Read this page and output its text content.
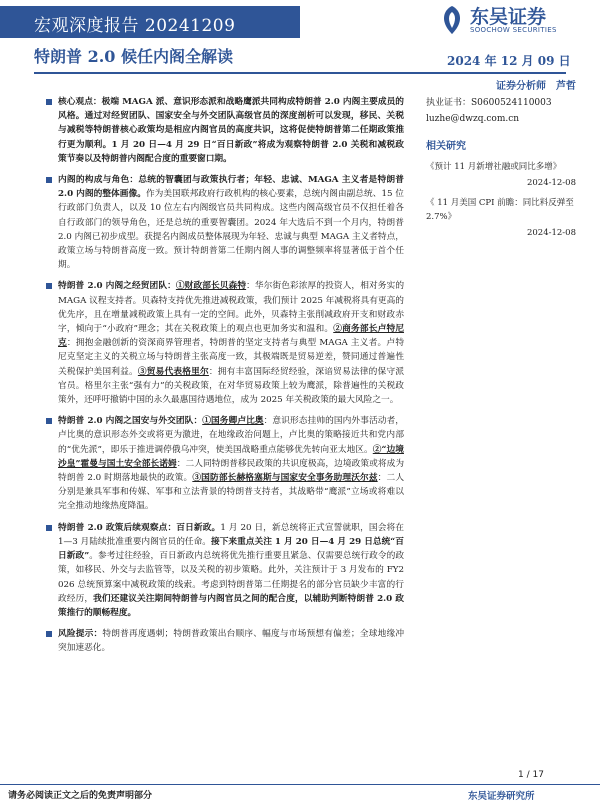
宏观深度报告 20241209	东吴证券
SOOCHOW SECURITIES
特朗普 2.0 候任内阁全解读	2024 年 12 月 09 日
核心观点：极端 MAGA 派、意识形态派和战略鹰派共同构成特朗普 2.0 内阁主要成员的风格。通过对经贸团队、国家安全与外交团队高级官员的深度剖析可以发现，移民、关税与减税等特朗普核心政策均是相应内阁官员的高度共识，这将促使特朗普第二任期政策推行更为顺利。1 月 20 日—4 月 29 日“百日新政”将成为观察特朗普 2.0 关税和减税政策节奏以及特朗普内阁配合度的重要窗口期。
内阁的构成与角色：总统的智囊团与政策执行者；年轻、忠诚、MAGA 主义者是特朗普 2.0 内阁的整体画像。作为美国联邦政府行政机构的核心要素，总统内阁由副总统、15 位行政部门负责人，以及 10 位左右内阁级官员共同构成。这些内阁高级官员不仅担任着各自行政部门的领导角色，还是总统的重要智囊团。2024 年大选后不到一个月内，特朗普 2.0 内阁已初步成型。获提名内阁成员整体展现为年轻、忠诚与典型 MAGA 主义者特点，政策立场与特朗普高度一致。预计特朗普第二任期内阁人事的调整频率将显著低于首个任期。
特朗普 2.0 内阁之经贸团队：①财政部长贝森特：华尔街色彩浓厚的投资人，相对务实的 MAGA 议程支持者。贝森特支持优先推进减税政策，我们预计 2025 年减税将具有更高的优先序，且在增量减税政策上具有一定的空间。此外，贝森特主张削减政府开支和财政赤字，倾向于“小政府”理念；其在关税政策上的观点也更加务实和温和。②商务部长卢特尼克：拥抱金融创新的资深商界管理者，特朗普的坚定支持者与典型 MAGA 主义者。卢特尼克坚定主义的关税立场与特朗普主张高度一致，其极端既是贸易逆差，赞同通过普遍性关税保护美国利益。③贸易代表格里尔：拥有丰富国际经贸经验，深谙贸易法律的保守派官员。格里尔主张“强有力”的关税政策，在对华贸易政策上较为鹰派，除普遍性的关税政策外，还呼吁撤销中国的永久最惠国待遇地位，成为 2025 年关税政策的最大风险之一。
特朗普 2.0 内阁之国安与外交团队：①国务卿卢比奥：意识形态挂帅的国内外事活动者，卢比奥的意识形态外交或将更为激进，在地缘政治问题上，卢比奥的策略接近共和党内部的“优先派”，即乐于推进调停俄乌冲突，使美国战略重点能够优先转向亚太地区。②“边境沙皇”霍曼与国土安全部长诺姆：二人同特朗普移民政策的共识度极高，边境政策或将成为特朗普 2.0 时期落地最快的政策。③国防部长赫格塞斯与国家安全事务助理沃尔兹：二人分别是兼具军事和传媒、军事和立法背景的特朗普支持者，其战略带“鹰派”立场或将难以完全推动地缘热度降温。
特朗普 2.0 政策后续观察点：百日新政。1 月 20 日，新总统将正式宣誓就职，国会将在 1—3 月陆续批准重要内阁官员的任命。接下来重点关注 1 月 20 日—4 月 29 日总统“百日新政”。参考过往经验，百日新政内总统将优先推行重要且紧急、仅需要总统行政令的政策，如移民、外交与去监管等，以及关税的初步策略。此外，关注预计于 3 月发布的 FY2026 总统预算案中减税政策的线索。考虑到特朗普第二任期提名的部分官员缺少丰富的行政经历，我们还建议关注期间特朗普与内阁官员之间的配合度，以辅助判断特朗普 2.0 政策推行的顺畅程度。
风险提示：特朗普再度遇刺；特朗普政策出台顺序、幅度与市场预想有偏差；全球地缘冲突加速恶化。
证券分析师　芦哲
执业证书：S0600524110003
luzhe@dwzq.com.cn
相关研究
《预计 11 月新增社融或同比多增》
2024-12-08
《 11 月美国 CPI 前瞻：同比料反弹至 2.7%》
2024-12-08
1 / 17
请务必阅读正文之后的免责声明部分	东吴证券研究所
